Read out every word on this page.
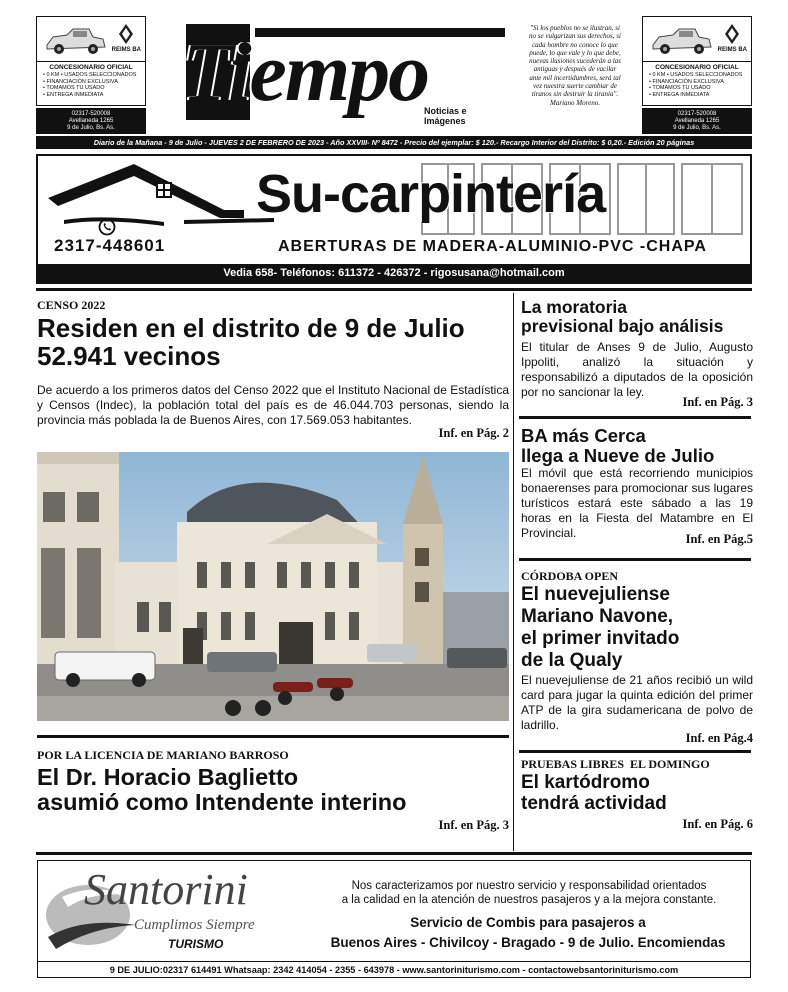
REIMS BA
CONCESIONARIO OFICIAL
• 0 KM • USADOS SELECCIONADOS
• FINANCIACIÓN EXCLUSIVA
• TOMAMOS TU USADO
• ENTREGA INMEDIATA
02317-520008
Avellaneda 1265
9 de Julio, Bs. As.
Tiempo
Noticias e Imágenes
"Si los pueblos no se ilustran, si no se vulgarizan sus derechos, si cada hombre no conoce lo que puede, lo que vale y lo que debe, nuevas ilusiones sucederán a las antiguas y después de vacilar ante mil incertidumbres, será tal vez nuestra suerte cambiar de tiranos sin destruir la tiranía". Mariano Moreno.
REIMS BA
CONCESIONARIO OFICIAL
• 0 KM • USADOS SELECCIONADOS
• FINANCIACIÓN EXCLUSIVA
• TOMAMOS TU USADO
• ENTREGA INMEDIATA
02317-520008
Avellaneda 1265
9 de Julio, Bs. As.
Diario de la Mañana - 9 de Julio - JUEVES 2 DE FEBRERO DE 2023 - Año XXVIII- Nº 8472 - Precio del ejemplar: $ 120.- Recargo Interior del Distrito: $ 0,20.- Edición 20 páginas
Su-carpintería
2317-448601	ABERTURAS DE MADERA-ALUMINIO-PVC -CHAPA
Vedia 658- Teléfonos: 611372 - 426372 - rigosusana@hotmail.com
CENSO 2022
Residen en el distrito de 9 de Julio
52.941 vecinos
De acuerdo a los primeros datos del Censo 2022 que el Instituto Nacional de Estadística y Censos (Indec), la población total del país es de 46.044.703 personas, siendo la provincia más poblada la de Buenos Aires, con 17.569.053 habitantes.
Inf. en Pág. 2
POR LA LICENCIA DE MARIANO BARROSO
El Dr. Horacio Baglietto
asumió como Intendente interino
Inf. en Pág. 3
La moratoria
previsional bajo análisis
El titular de Anses 9 de Julio, Augusto Ippoliti, analizó la situación y responsabilizó a diputados de la oposición por no sancionar la ley.
Inf. en Pág. 3
BA más Cerca
llega a Nueve de Julio
El móvil que está recorriendo municipios bonaerenses para promocionar sus lugares turísticos estará este sábado a las 19 horas en la Fiesta del Matambre en El Provincial.	Inf. en Pág.5
CÓRDOBA OPEN
El nuevejuliense
Mariano Navone,
el primer invitado
de la Qualy
El nuevejuliense de 21 años recibió un wild card para jugar la quinta edición del primer ATP de la gira sudamericana de polvo de ladrillo.
Inf. en Pág.4
PRUEBAS LIBRES  EL DOMINGO
El kartódromo
tendrá actividad
Inf. en Pág. 6
Santorini
Cumplimos Siempre
TURISMO
Nos caracterizamos por nuestro servicio y responsabilidad orientados
a la calidad en la atención de nuestros pasajeros y a la mejora constante.
Servicio de Combis para pasajeros a
Buenos Aires - Chivilcoy - Bragado - 9 de Julio. Encomiendas
9 DE JULIO:02317 614491 Whatsaap: 2342 414054 - 2355 - 643978 - www.santoriniturismo.com - contactowebsantoriniturismo.com
